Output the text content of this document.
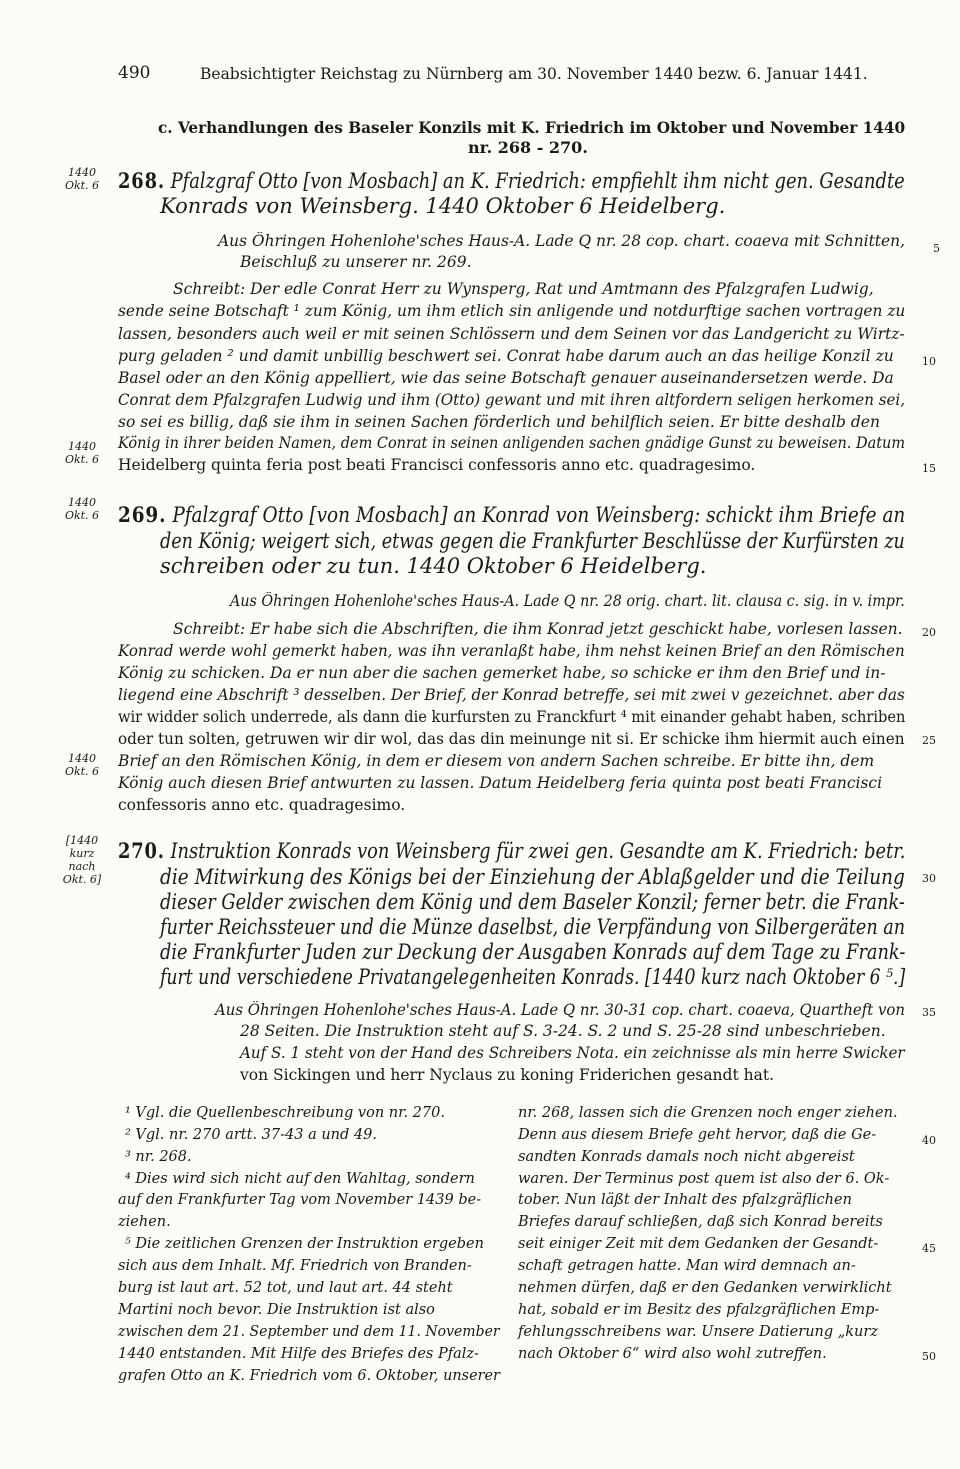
490	Beabsichtigter Reichstag zu Nürnberg am 30. November 1440 bezw. 6. Januar 1441.
c. Verhandlungen des Baseler Konzils mit K. Friedrich im Oktober und November 1440
nr. 268 - 270.
1440
Okt. 6 268. Pfalzgraf Otto [von Mosbach] an K. Friedrich: empfiehlt ihm nicht gen. Gesandte
Konrads von Weinsberg. 1440 Oktober 6 Heidelberg.
Aus Öhringen Hohenlohe'sches Haus-A. Lade Q nr. 28 cop. chart. coaeva mit Schnitten,
Beischluß zu unserer nr. 269.
5
Schreibt: Der edle Conrat Herr zu Wynsperg, Rat und Amtmann des Pfalzgrafen Ludwig,
sende seine Botschaft ¹ zum König, um ihm etlich sin anligende und notdurftige sachen vortragen zu
lassen, besonders auch weil er mit seinen Schlössern und dem Seinen vor das Landgericht zu Wirtz-
purg geladen ² und damit unbillig beschwert sei. Conrat habe darum auch an das heilige Konzil zu
Basel oder an den König appelliert, wie das seine Botschaft genauer auseinandersetzen werde. Da
Conrat dem Pfalzgrafen Ludwig und ihm (Otto) gewant und mit ihren altfordern seligen herkomen sei,
so sei es billig, daß sie ihm in seinen Sachen förderlich und behilflich seien. Er bitte deshalb den
König in ihrer beiden Namen, dem Conrat in seinen anligenden sachen gnädige Gunst zu beweisen. Datum
Heidelberg quinta feria post beati Francisci confessoris anno etc. quadragesimo.
10
15
1440
Okt. 6
1440
Okt. 6 269. Pfalzgraf Otto [von Mosbach] an Konrad von Weinsberg: schickt ihm Briefe an
den König; weigert sich, etwas gegen die Frankfurter Beschlüsse der Kurfürsten zu
schreiben oder zu tun. 1440 Oktober 6 Heidelberg.
Aus Öhringen Hohenlohe'sches Haus-A. Lade Q nr. 28 orig. chart. lit. clausa c. sig. in v. impr.
Schreibt: Er habe sich die Abschriften, die ihm Konrad jetzt geschickt habe, vorlesen lassen.
Konrad werde wohl gemerkt haben, was ihn veranlaßt habe, ihm nehst keinen Brief an den Römischen
König zu schicken. Da er nun aber die sachen gemerket habe, so schicke er ihm den Brief und in-
liegend eine Abschrift ³ desselben. Der Brief, der Konrad betreffe, sei mit zwei v gezeichnet. aber das
wir widder solich underrede, als dann die kurfursten zu Franckfurt ⁴ mit einander gehabt haben, schriben
oder tun solten, getruwen wir dir wol, das das din meinunge nit si. Er schicke ihm hiermit auch einen
Brief an den Römischen König, in dem er diesem von andern Sachen schreibe. Er bitte ihn, dem
König auch diesen Brief antwurten zu lassen. Datum Heidelberg feria quinta post beati Francisci
confessoris anno etc. quadragesimo.
20
25
1440
Okt. 6
[1440
kurz
nach
Okt. 6]
270. Instruktion Konrads von Weinsberg für zwei gen. Gesandte am K. Friedrich: betr.
die Mitwirkung des Königs bei der Einziehung der Ablaßgelder und die Teilung
dieser Gelder zwischen dem König und dem Baseler Konzil; ferner betr. die Frank-
furter Reichssteuer und die Münze daselbst, die Verpfändung von Silbergeräten an
die Frankfurter Juden zur Deckung der Ausgaben Konrads auf dem Tage zu Frank-
furt und verschiedene Privatangelegenheiten Konrads. [1440 kurz nach Oktober 6 ⁵.]
30
Aus Öhringen Hohenlohe'sches Haus-A. Lade Q nr. 30-31 cop. chart. coaeva, Quartheft von
28 Seiten. Die Instruktion steht auf S. 3-24. S. 2 und S. 25-28 sind unbeschrieben.
Auf S. 1 steht von der Hand des Schreibers Nota. ein zeichnisse als min herre Swicker
von Sickingen und herr Nyclaus zu koning Friderichen gesandt hat.
35
¹ Vgl. die Quellenbeschreibung von nr. 270.
² Vgl. nr. 270 artt. 37-43 a und 49.
³ nr. 268.
⁴ Dies wird sich nicht auf den Wahltag, sondern
auf den Frankfurter Tag vom November 1439 be-
ziehen.
⁵ Die zeitlichen Grenzen der Instruktion ergeben
sich aus dem Inhalt. Mf. Friedrich von Branden-
burg ist laut art. 52 tot, und laut art. 44 steht
Martini noch bevor. Die Instruktion ist also
zwischen dem 21. September und dem 11. November
1440 entstanden. Mit Hilfe des Briefes des Pfalz-
grafen Otto an K. Friedrich vom 6. Oktober, unserer
nr. 268, lassen sich die Grenzen noch enger ziehen.
Denn aus diesem Briefe geht hervor, daß die Ge-
sandten Konrads damals noch nicht abgereist
waren. Der Terminus post quem ist also der 6. Ok-
tober. Nun läßt der Inhalt des pfalzgräflichen
Briefes darauf schließen, daß sich Konrad bereits
seit einiger Zeit mit dem Gedanken der Gesandt-
schaft getragen hatte. Man wird demnach an-
nehmen dürfen, daß er den Gedanken verwirklicht
hat, sobald er im Besitz des pfalzgräflichen Emp-
fehlungsschreibens war. Unsere Datierung „kurz
nach Oktober 6“ wird also wohl zutreffen.
40
45
50
